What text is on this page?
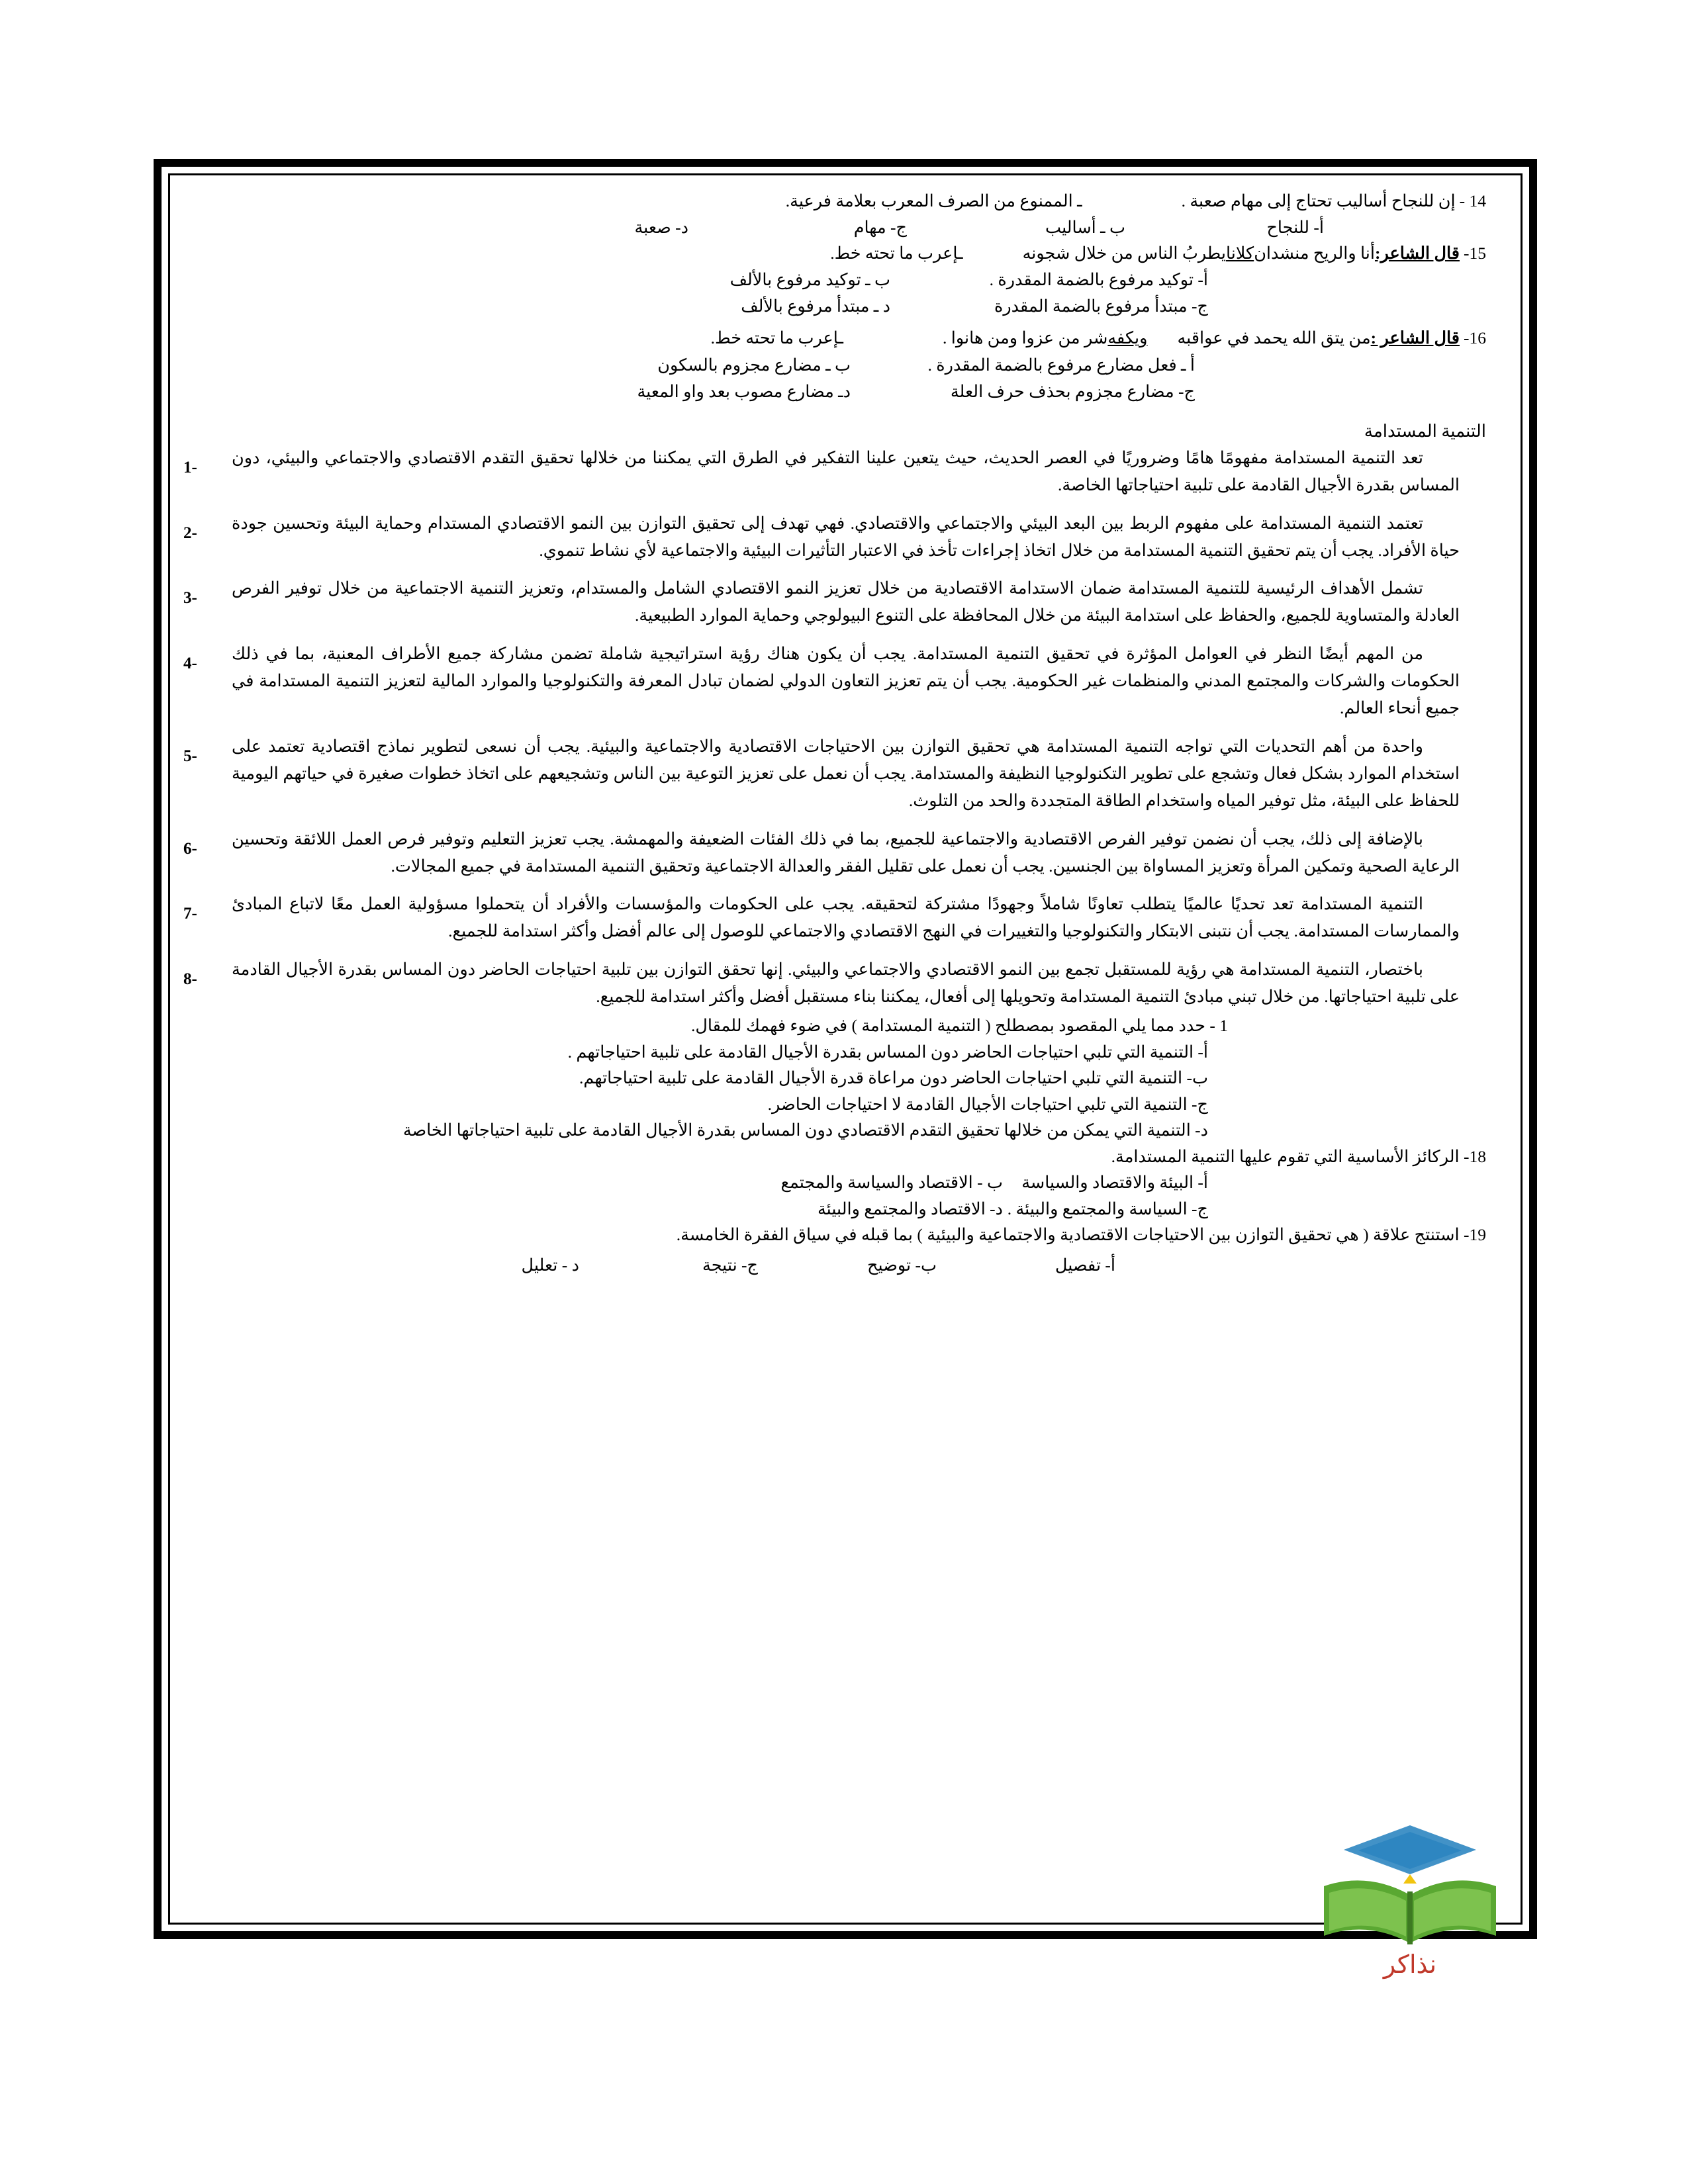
14 -
إن للنجاح أساليب تحتاج إلى مهام صعبة .
ـ الممنوع من الصرف المعرب بعلامة فرعية.
أ‌- للنجاح
ب ـ أساليب
ج- مهام
د- صعبة
15-
قال الشاعر:
أنا والريح منشدان
كلانا
يطربُ الناس من خلال شجونه
ـإعرب ما تحته خط.
أ‌- توكيد مرفوع بالضمة المقدرة .
ب ـ توكيد مرفوع بالألف
ج- مبتدأ مرفوع بالضمة المقدرة
د ـ مبتدأ مرفوع بالألف
16-
قال الشاعر :
من يتق الله يحمد في عواقبه
ويكفه
شر من عزوا ومن هانوا .
ـإعرب ما تحته خط.
أ ـ فعل مضارع مرفوع بالضمة المقدرة .
ب ـ مضارع مجزوم بالسكون
ج- مضارع مجزوم بحذف حرف العلة
دـ مضارع مصوب بعد واو المعية
التنمية المستدامة
1-
تعد التنمية المستدامة مفهومًا هامًا وضروريًا في العصر الحديث، حيث يتعين علينا التفكير في الطرق التي يمكننا من خلالها تحقيق التقدم الاقتصادي والاجتماعي والبيئي، دون المساس بقدرة الأجيال القادمة على تلبية احتياجاتها الخاصة.
2-
تعتمد التنمية المستدامة على مفهوم الربط بين البعد البيئي والاجتماعي والاقتصادي. فهي تهدف إلى تحقيق التوازن بين النمو الاقتصادي المستدام وحماية البيئة وتحسين جودة حياة الأفراد. يجب أن يتم تحقيق التنمية المستدامة من خلال اتخاذ إجراءات تأخذ في الاعتبار التأثيرات البيئية والاجتماعية لأي نشاط تنموي.
3-
تشمل الأهداف الرئيسية للتنمية المستدامة ضمان الاستدامة الاقتصادية من خلال تعزيز النمو الاقتصادي الشامل والمستدام، وتعزيز التنمية الاجتماعية من خلال توفير الفرص العادلة والمتساوية للجميع، والحفاظ على استدامة البيئة من خلال المحافظة على التنوع البيولوجي وحماية الموارد الطبيعية.
4-
من المهم أيضًا النظر في العوامل المؤثرة في تحقيق التنمية المستدامة. يجب أن يكون هناك رؤية استراتيجية شاملة تضمن مشاركة جميع الأطراف المعنية، بما في ذلك الحكومات والشركات والمجتمع المدني والمنظمات غير الحكومية. يجب أن يتم تعزيز التعاون الدولي لضمان تبادل المعرفة والتكنولوجيا والموارد المالية لتعزيز التنمية المستدامة في جميع أنحاء العالم.
5-
واحدة من أهم التحديات التي تواجه التنمية المستدامة هي تحقيق التوازن بين الاحتياجات الاقتصادية والاجتماعية والبيئية. يجب أن نسعى لتطوير نماذج اقتصادية تعتمد على استخدام الموارد بشكل فعال وتشجع على تطوير التكنولوجيا النظيفة والمستدامة. يجب أن نعمل على تعزيز التوعية بين الناس وتشجيعهم على اتخاذ خطوات صغيرة في حياتهم اليومية للحفاظ على البيئة، مثل توفير المياه واستخدام الطاقة المتجددة والحد من التلوث.
6-
بالإضافة إلى ذلك، يجب أن نضمن توفير الفرص الاقتصادية والاجتماعية للجميع، بما في ذلك الفئات الضعيفة والمهمشة. يجب تعزيز التعليم وتوفير فرص العمل اللائقة وتحسين الرعاية الصحية وتمكين المرأة وتعزيز المساواة بين الجنسين. يجب أن نعمل على تقليل الفقر والعدالة الاجتماعية وتحقيق التنمية المستدامة في جميع المجالات.
7-
التنمية المستدامة تعد تحديًا عالميًا يتطلب تعاونًا شاملاً وجهودًا مشتركة لتحقيقه. يجب على الحكومات والمؤسسات والأفراد أن يتحملوا مسؤولية العمل معًا لاتباع المبادئ والممارسات المستدامة. يجب أن نتبنى الابتكار والتكنولوجيا والتغييرات في النهج الاقتصادي والاجتماعي للوصول إلى عالم أفضل وأكثر استدامة للجميع.
8-
باختصار، التنمية المستدامة هي رؤية للمستقبل تجمع بين النمو الاقتصادي والاجتماعي والبيئي. إنها تحقق التوازن بين تلبية احتياجات الحاضر دون المساس بقدرة الأجيال القادمة على تلبية احتياجاتها. من خلال تبني مبادئ التنمية المستدامة وتحويلها إلى أفعال، يمكننا بناء مستقبل أفضل وأكثر استدامة للجميع.
1 - حدد مما يلي المقصود بمصطلح ( التنمية المستدامة ) في ضوء فهمك للمقال.
أ‌- التنمية التي تلبي احتياجات الحاضر دون المساس بقدرة الأجيال القادمة على تلبية احتياجاتهم .
ب- التنمية التي تلبي احتياجات الحاضر دون مراعاة قدرة الأجيال القادمة على تلبية احتياجاتهم.
ج- التنمية التي تلبي احتياجات الأجيال القادمة لا احتياجات الحاضر.
د- التنمية التي يمكن من خلالها تحقيق التقدم الاقتصادي دون المساس بقدرة الأجيال القادمة على تلبية احتياجاتها الخاصة
18- الركائز الأساسية التي تقوم عليها التنمية المستدامة.
أ‌- البيئة والاقتصاد والسياسة
ب - الاقتصاد والسياسة والمجتمع
ج- السياسة والمجتمع والبيئة .
د- الاقتصاد والمجتمع والبيئة
19- استنتج علاقة ( هي تحقيق التوازن بين الاحتياجات الاقتصادية والاجتماعية والبيئية ) بما قبله في سياق الفقرة الخامسة.
أ‌- تفصيل
ب- توضيح
ج- نتيجة
د - تعليل
نذاكر
